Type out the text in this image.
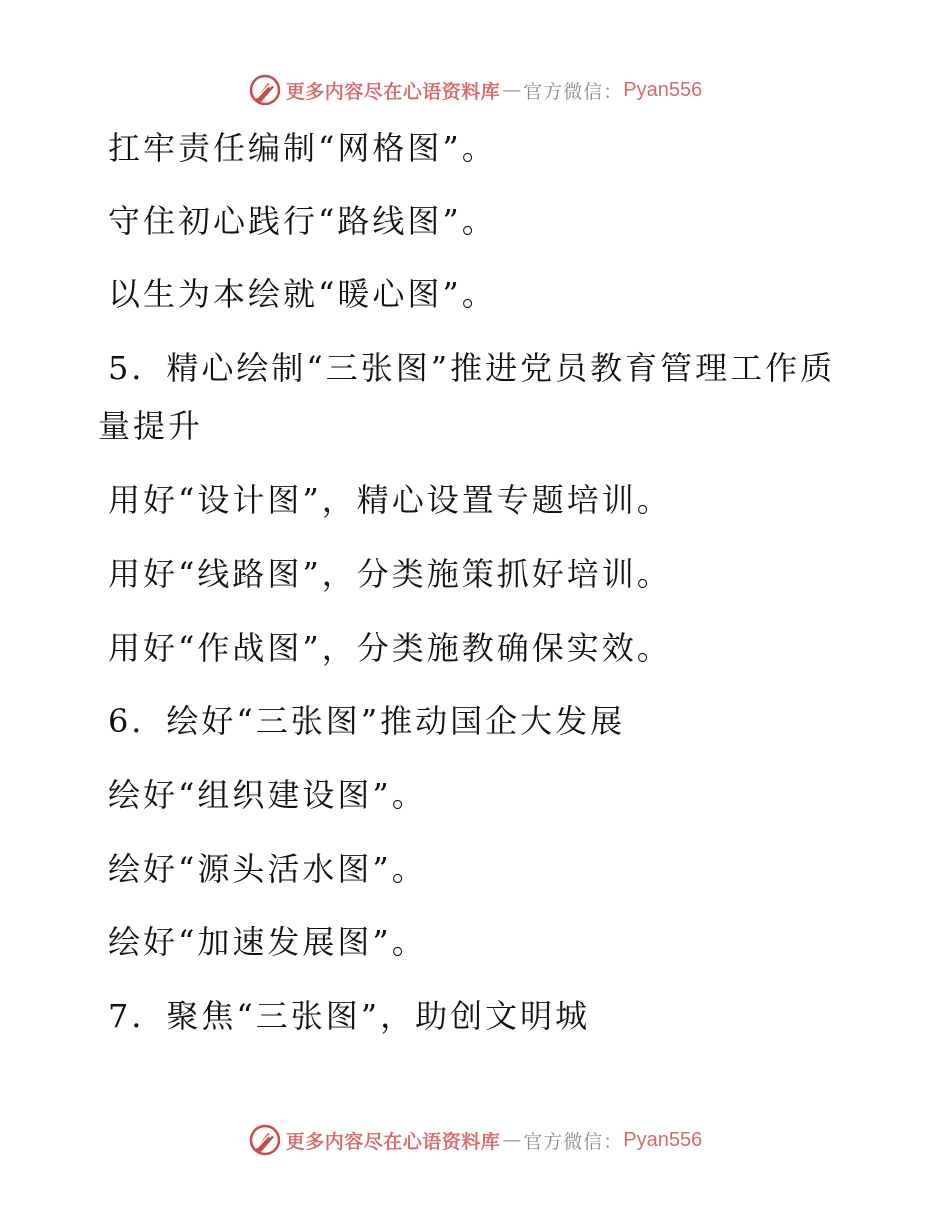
更多内容尽在心语资料库 — 官方微信： Pyan556
扛牢责任编制“网格图”。
守住初心践行“路线图”。
以生为本绘就“暖心图”。
5．精心绘制“三张图”推进党员教育管理工作质
量提升
用好“设计图”，精心设置专题培训。
用好“线路图”，分类施策抓好培训。
用好“作战图”，分类施教确保实效。
6．绘好“三张图”推动国企大发展
绘好“组织建设图”。
绘好“源头活水图”。
绘好“加速发展图”。
7．聚焦“三张图”，助创文明城
更多内容尽在心语资料库 — 官方微信： Pyan556
